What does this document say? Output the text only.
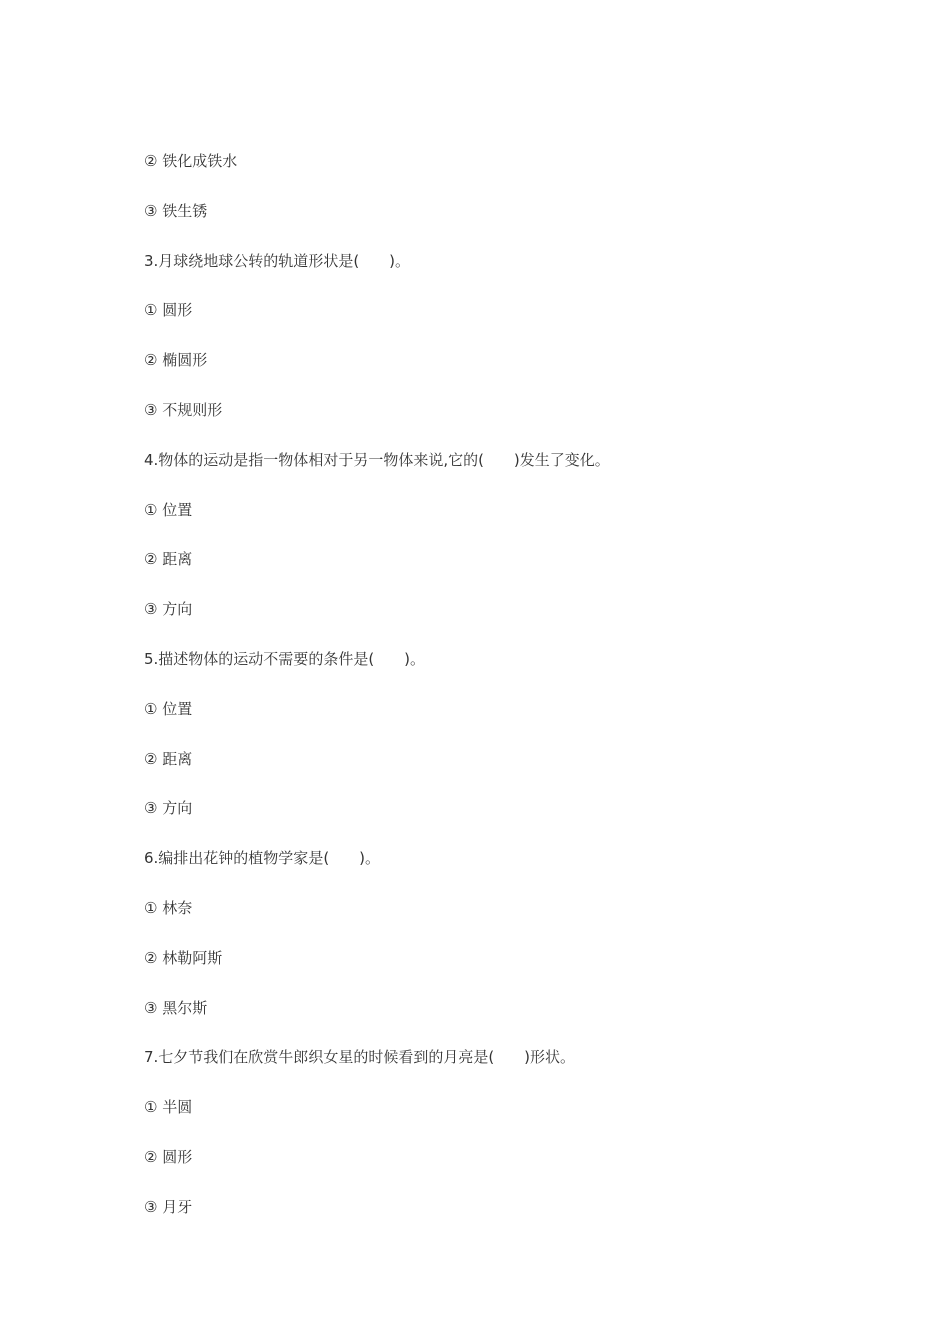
② 铁化成铁水
③ 铁生锈
3.月球绕地球公转的轨道形状是(　　)。
① 圆形
② 椭圆形
③ 不规则形
4.物体的运动是指一物体相对于另一物体来说,它的(　　)发生了变化。
① 位置
② 距离
③ 方向
5.描述物体的运动不需要的条件是(　　)。
① 位置
② 距离
③ 方向
6.编排出花钟的植物学家是(　　)。
① 林奈
② 林勒阿斯
③ 黑尔斯
7.七夕节我们在欣赏牛郎织女星的时候看到的月亮是(　　)形状。
① 半圆
② 圆形
③ 月牙
